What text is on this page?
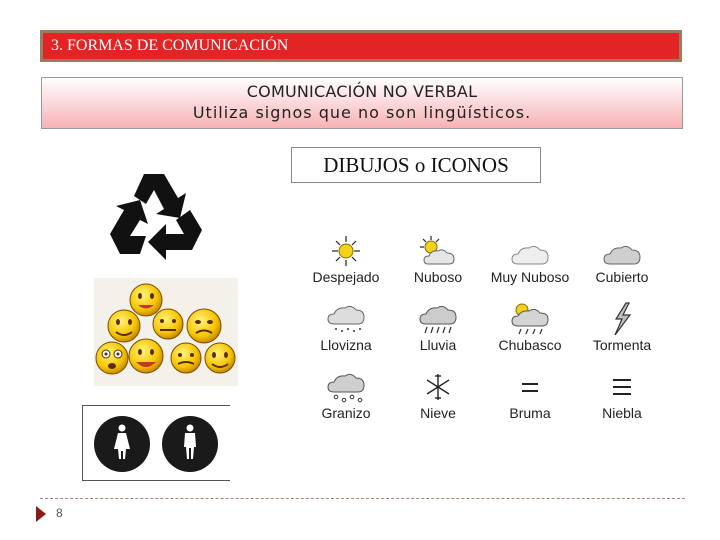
3. FORMAS DE COMUNICACIÓN
COMUNICACIÓN NO VERBAL
Utiliza signos que no son lingüísticos.
DIBUJOS o ICONOS
Despejado	Nuboso	Muy Nuboso	Cubierto
Llovizna	Lluvia	Chubasco	Tormenta
Granizo	Nieve	Bruma	Niebla
8
